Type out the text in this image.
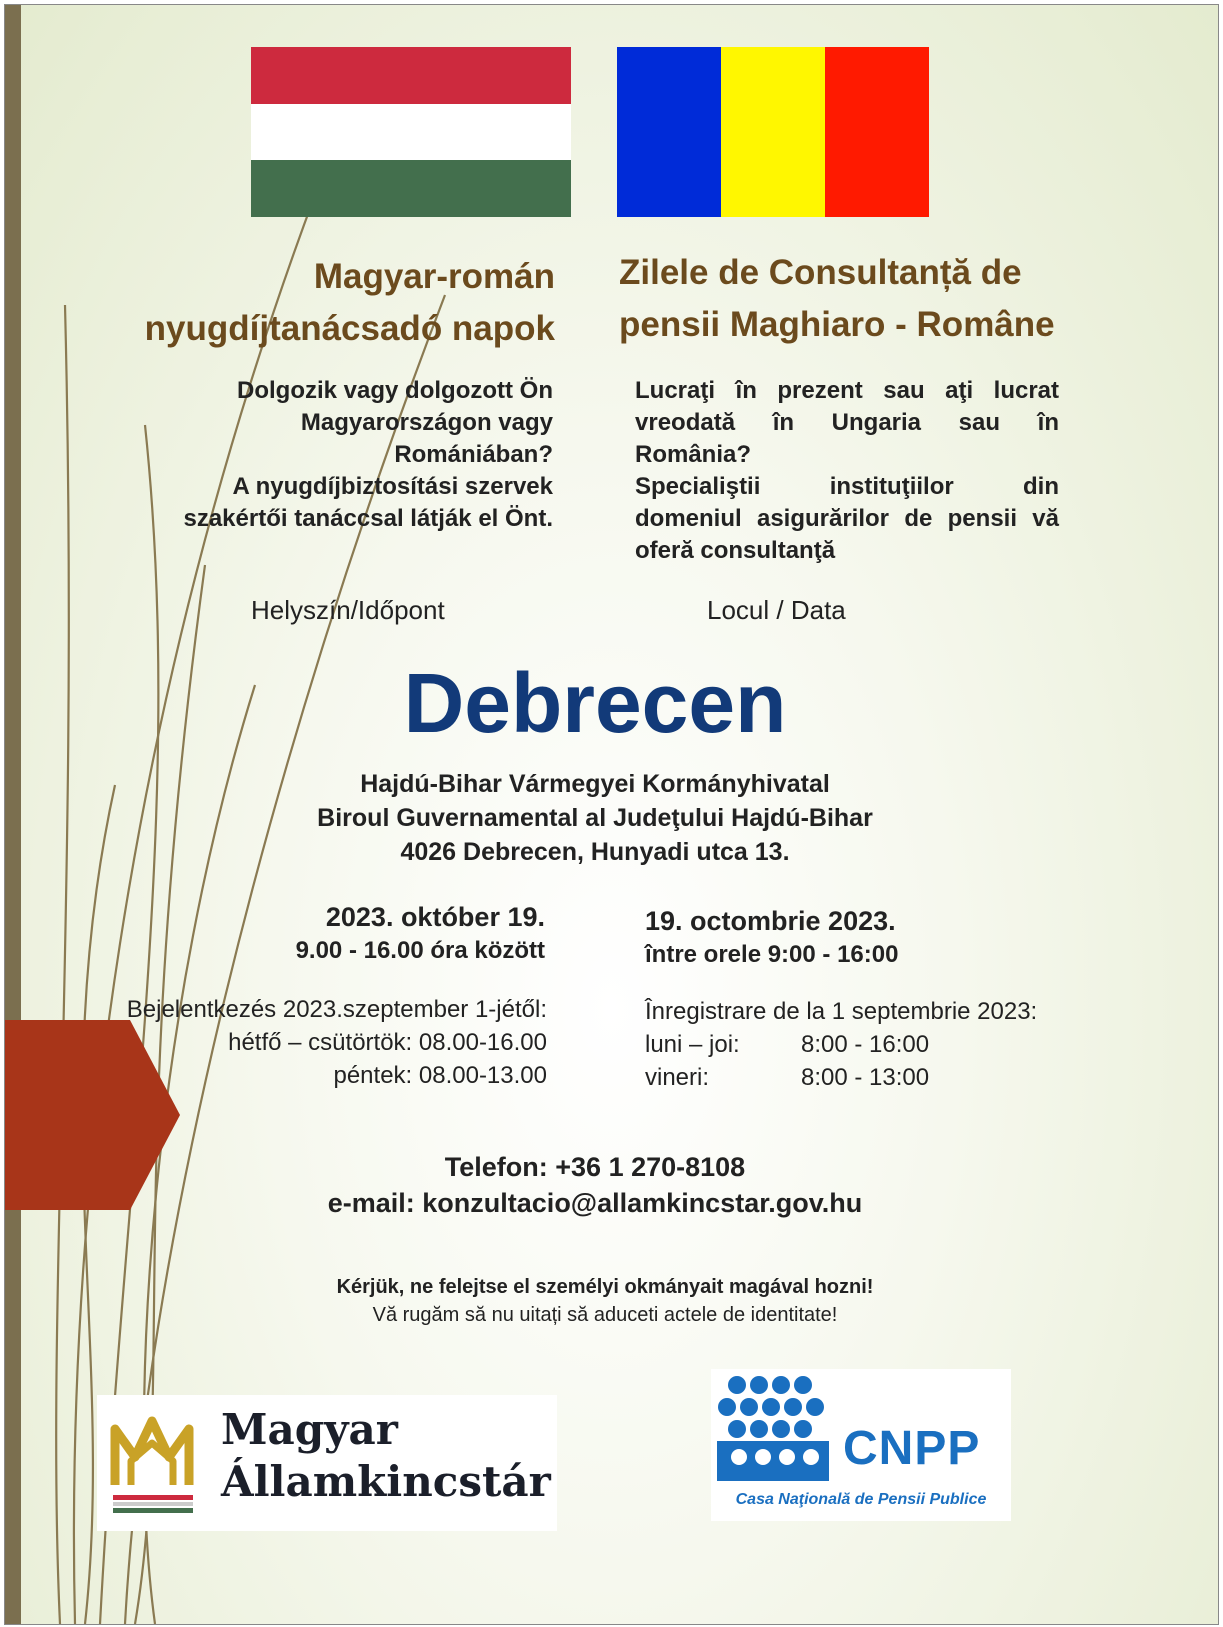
Magyar-román
nyugdíjtanácsadó napok
Zilele de Consultanță de
pensii Maghiaro - Române
Dolgozik vagy dolgozott Ön
Magyarországon vagy
Romániában?
A nyugdíjbiztosítási szervek
szakértői tanáccsal látják el Önt.
Lucraţi în prezent sau aţi lucrat
vreodată în Ungaria sau în
România?
Specialiştii instituţiilor din
domeniul asigurărilor de pensii vă
oferă consultanţă
Helyszín/Időpont	Locul / Data
Debrecen
Hajdú-Bihar Vármegyei Kormányhivatal
Biroul Guvernamental al Judeţului Hajdú-Bihar
4026 Debrecen, Hunyadi utca 13.
2023. október 19.
9.00 - 16.00 óra között
19. octombrie 2023.
între orele 9:00 - 16:00
Bejelentkezés 2023.szeptember 1-jétől:
hétfő – csütörtök: 08.00-16.00
péntek: 08.00-13.00
Înregistrare de la 1 septembrie 2023:
luni – joi:	8:00 - 16:00
vineri:	8:00 - 13:00
Telefon: +36 1 270-8108
e-mail: konzultacio@allamkincstar.gov.hu
Kérjük, ne felejtse el személyi okmányait magával hozni!
Vă rugăm să nu uitați să aduceti actele de identitate!
Magyar
Államkincstár
CNPP
Casa Naţională de Pensii Publice
